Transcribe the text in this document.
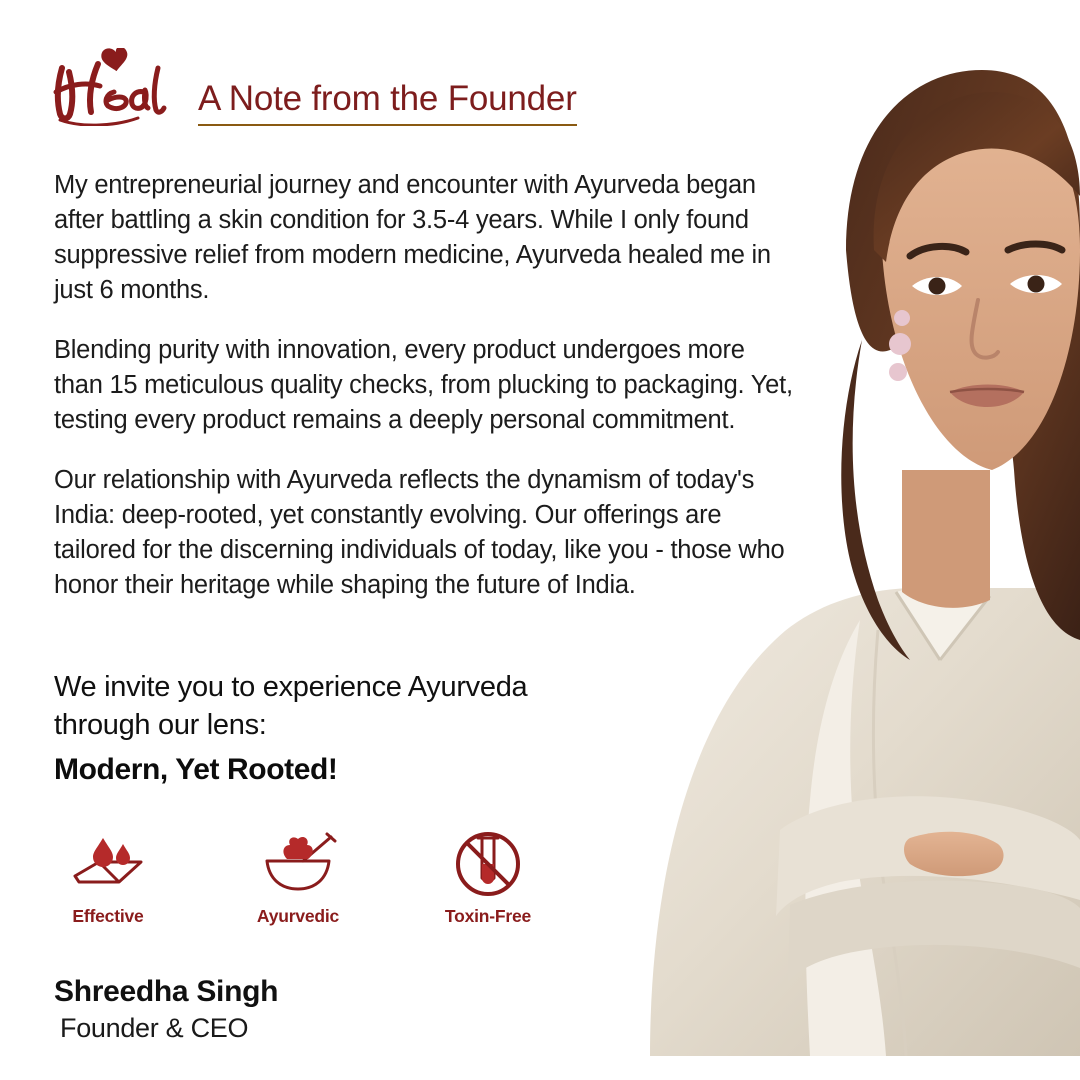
A Note from the Founder

My entrepreneurial journey and encounter with Ayurveda began after battling a skin condition for 3.5-4 years. While I only found suppressive relief from modern medicine, Ayurveda healed me in just 6 months.

Blending purity with innovation, every product undergoes more than 15 meticulous quality checks, from plucking to packaging. Yet, testing every product remains a deeply personal commitment.

Our relationship with Ayurveda reflects the dynamism of today's India: deep-rooted, yet constantly evolving. Our offerings are tailored for the discerning individuals of today, like you - those who honor their heritage while shaping the future of India.

We invite you to experience Ayurveda through our lens:
Modern, Yet Rooted!
Effective	Ayurvedic	Toxin-Free
Shreedha Singh
Founder & CEO
